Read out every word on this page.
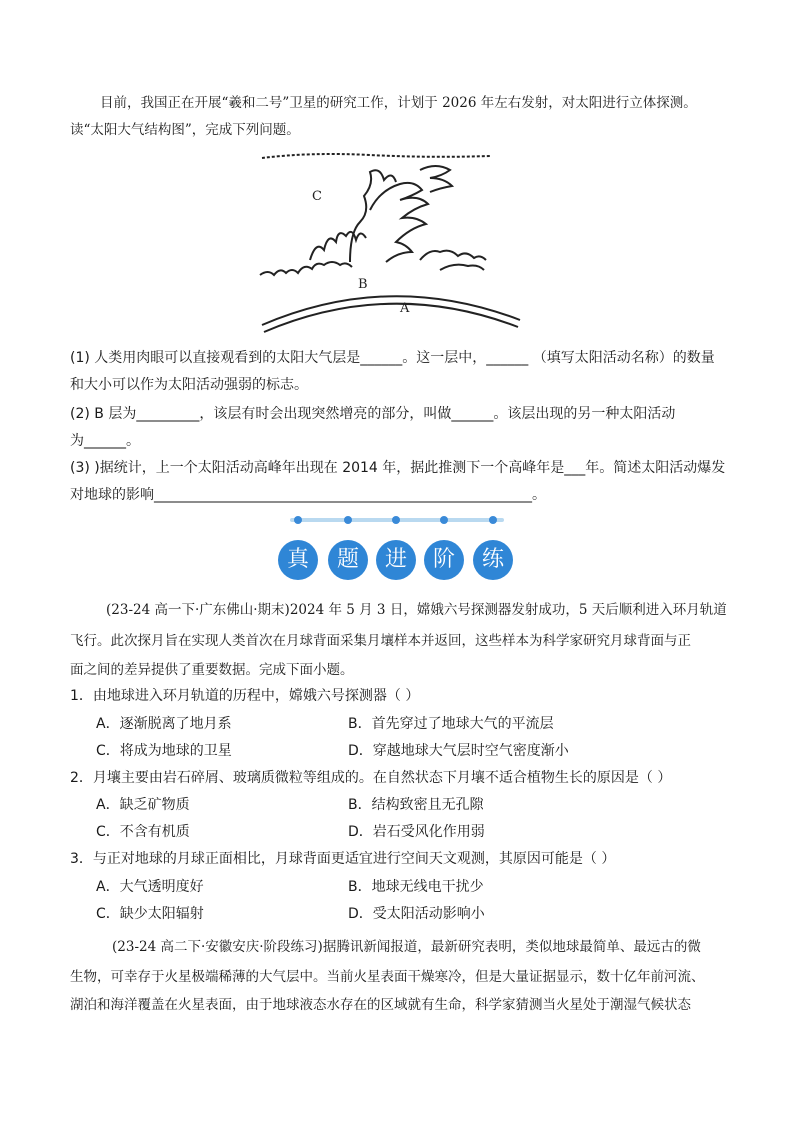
目前，我国正在开展“羲和二号”卫星的研究工作，计划于 2026 年左右发射，对太阳进行立体探测。
读“太阳大气结构图”，完成下列问题。
C
B
A
(1) 人类用肉眼可以直接观看到的太阳大气层是______。这一层中，______ （填写太阳活动名称）的数量
和大小可以作为太阳活动强弱的标志。
(2) B 层为_________，该层有时会出现突然增亮的部分，叫做______。该层出现的另一种太阳活动
为______。
(3) )据统计，上一个太阳活动高峰年出现在 2014 年，据此推测下一个高峰年是___年。简述太阳活动爆发
对地球的影响______________________________________________________。
真	题	进	阶	练
(23-24 高一下·广东佛山·期末)2024 年 5 月 3 日，嫦娥六号探测器发射成功，5 天后顺利进入环月轨道
飞行。此次探月旨在实现人类首次在月球背面采集月壤样本并返回，这些样本为科学家研究月球背面与正
面之间的差异提供了重要数据。完成下面小题。
1．由地球进入环月轨道的历程中，嫦娥六号探测器（ ）
A．逐渐脱离了地月系	B．首先穿过了地球大气的平流层
C．将成为地球的卫星	D．穿越地球大气层时空气密度渐小
2．月壤主要由岩石碎屑、玻璃质微粒等组成的。在自然状态下月壤不适合植物生长的原因是（ ）
A．缺乏矿物质	B．结构致密且无孔隙
C．不含有机质	D．岩石受风化作用弱
3．与正对地球的月球正面相比，月球背面更适宜进行空间天文观测，其原因可能是（ ）
A．大气透明度好	B．地球无线电干扰少
C．缺少太阳辐射	D．受太阳活动影响小
(23-24 高二下·安徽安庆·阶段练习)据腾讯新闻报道，最新研究表明，类似地球最简单、最远古的微
生物，可幸存于火星极端稀薄的大气层中。当前火星表面干燥寒冷，但是大量证据显示，数十亿年前河流、
湖泊和海洋覆盖在火星表面，由于地球液态水存在的区域就有生命，科学家猜测当火星处于潮湿气候状态
